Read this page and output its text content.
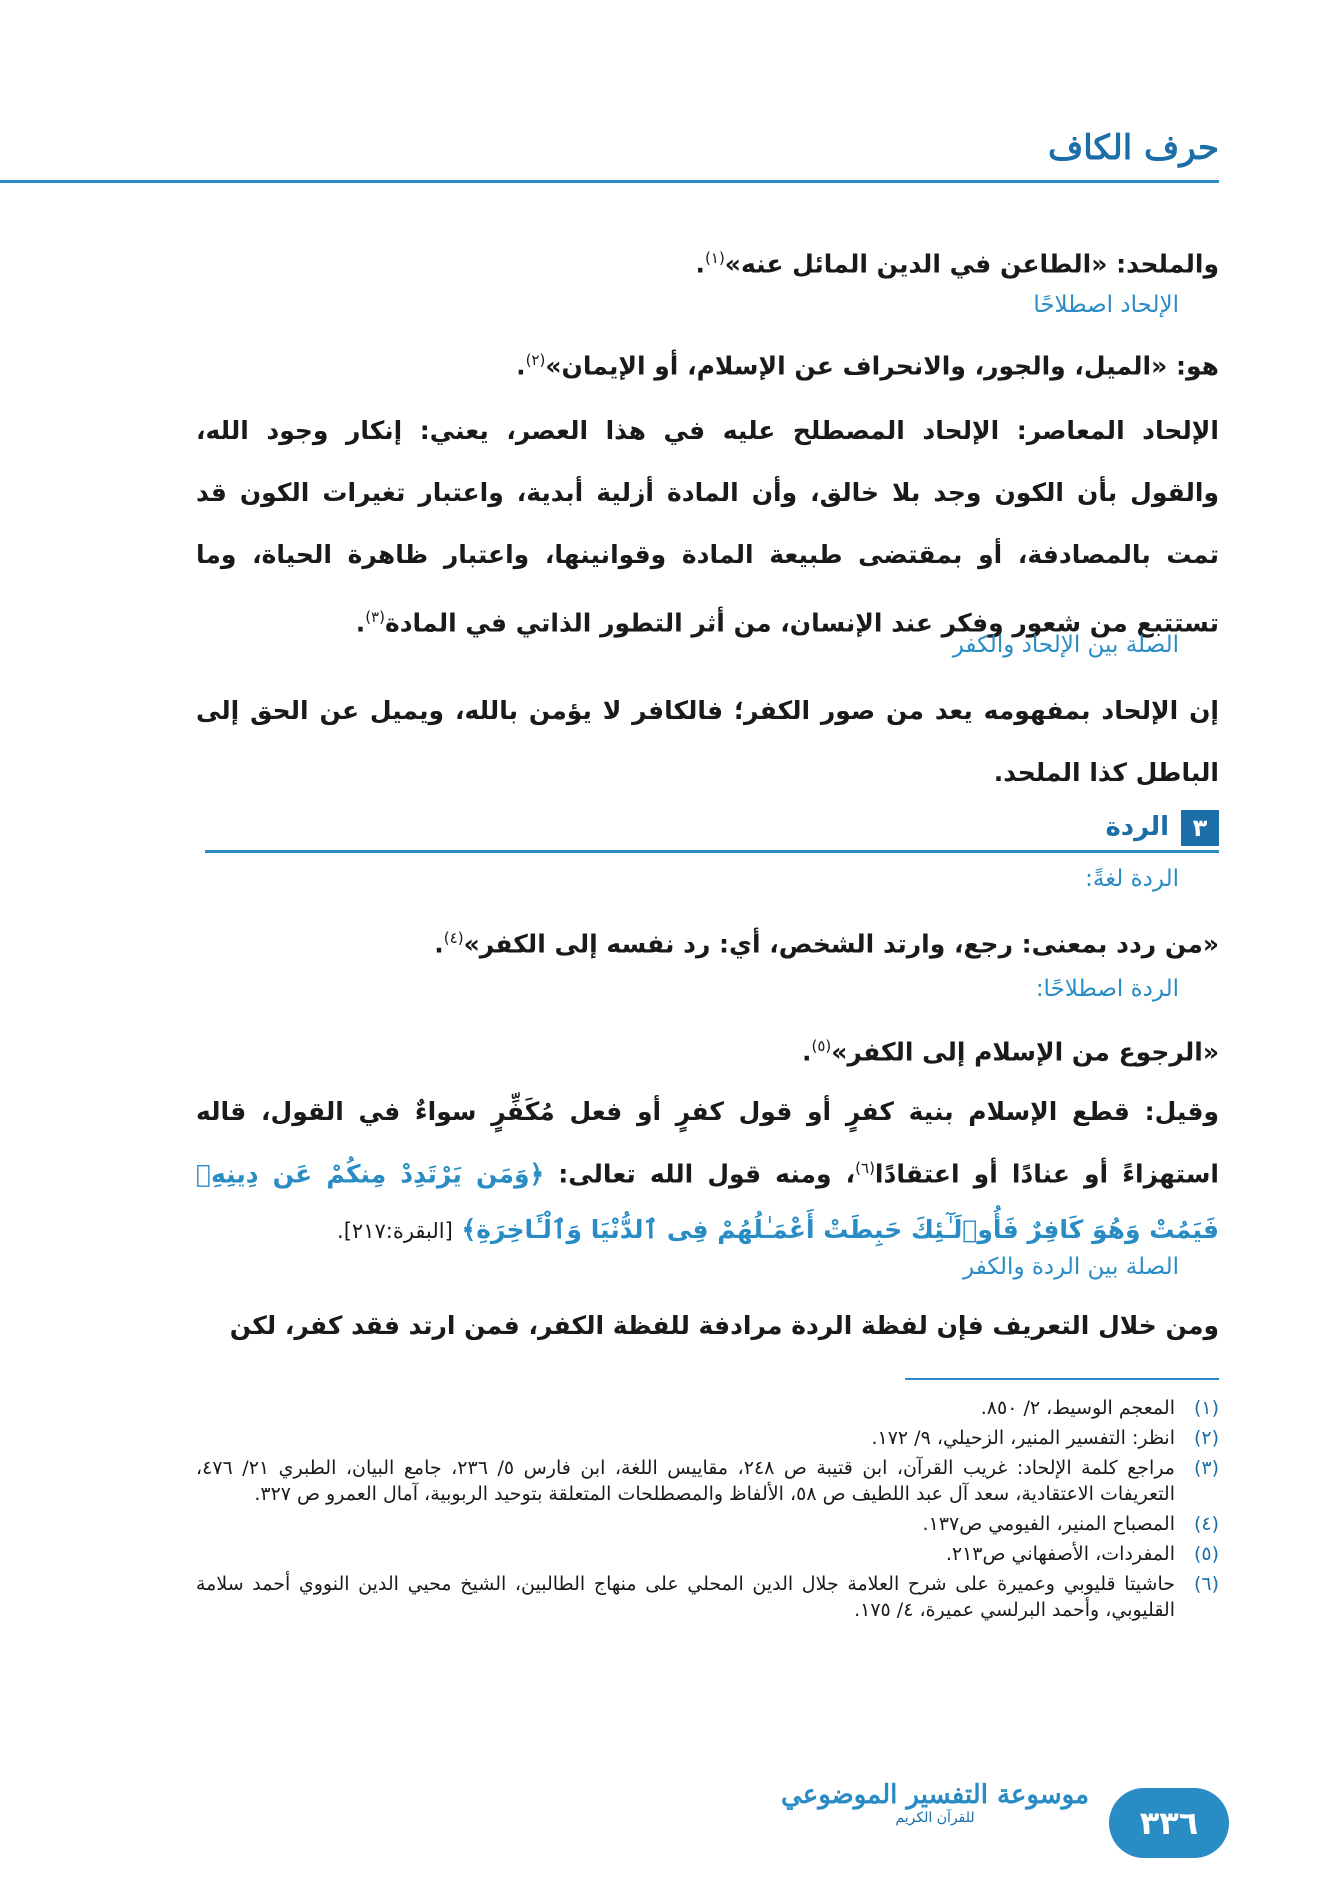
حرف الكاف
والملحد: «الطاعن في الدين المائل عنه»$^{(١)}$.
الإلحاد اصطلاحًا
هو: «الميل، والجور، والانحراف عن الإسلام، أو الإيمان»$^{(٢)}$.
الإلحاد المعاصر: الإلحاد المصطلح عليه في هذا العصر، يعني: إنكار وجود الله، والقول بأن الكون وجد بلا خالق، وأن المادة أزلية أبدية، واعتبار تغيرات الكون قد تمت بالمصادفة، أو بمقتضى طبيعة المادة وقوانينها، واعتبار ظاهرة الحياة، وما تستتبع من شعور وفكر عند الإنسان، من أثر التطور الذاتي في المادة$^{(٣)}$.
الصلة بين الإلحاد والكفر
إن الإلحاد بمفهومه يعد من صور الكفر؛ فالكافر لا يؤمن بالله، ويميل عن الحق إلى الباطل كذا الملحد.
٣
الردة
الردة لغةً:
«من ردد بمعنى: رجع، وارتد الشخص، أي: رد نفسه إلى الكفر»$^{(٤)}$.
الردة اصطلاحًا:
«الرجوع من الإسلام إلى الكفر»$^{(٥)}$.
وقيل: قطع الإسلام بنية كفرٍ أو قول كفرٍ أو فعل مُكَفِّرٍ سواءٌ في القول، قاله استهزاءً أو عنادًا أو اعتقادًا$^{(٦)}$، ومنه قول الله تعالى: ﴿وَمَن يَرْتَدِدْ مِنكُمْ عَن دِينِهِۦ فَيَمُتْ وَهُوَ كَافِرٌ فَأُو۟لَـٰٓئِكَ حَبِطَتْ أَعْمَـٰلُهُمْ فِى ٱلدُّنْيَا وَٱلْـَٔاخِرَةِ﴾ [البقرة:٢١٧].
الصلة بين الردة والكفر
ومن خلال التعريف فإن لفظة الردة مرادفة للفظة الكفر، فمن ارتد فقد كفر، لكن
(١)
المعجم الوسيط، ٢/ ٨٥٠.
(٢)
انظر: التفسير المنير، الزحيلي، ٩/ ١٧٢.
(٣)
مراجع كلمة الإلحاد: غريب القرآن، ابن قتيبة ص ٢٤٨، مقاييس اللغة، ابن فارس ٥/ ٢٣٦، جامع البيان، الطبري ٢١/ ٤٧٦، التعريفات الاعتقادية، سعد آل عبد اللطيف ص ٥٨، الألفاظ والمصطلحات المتعلقة بتوحيد الربوبية، آمال العمرو ص ٣٢٧.
(٤)
المصباح المنير، الفيومي ص١٣٧.
(٥)
المفردات، الأصفهاني ص٢١٣.
(٦)
حاشيتا قليوبي وعميرة على شرح العلامة جلال الدين المحلي على منهاج الطالبين، الشيخ محيي الدين النووي أحمد سلامة القليوبي، وأحمد البرلسي عميرة، ٤/ ١٧٥.
٣٣٦
موسوعة التفسير الموضوعي
للقرآن الكريم
